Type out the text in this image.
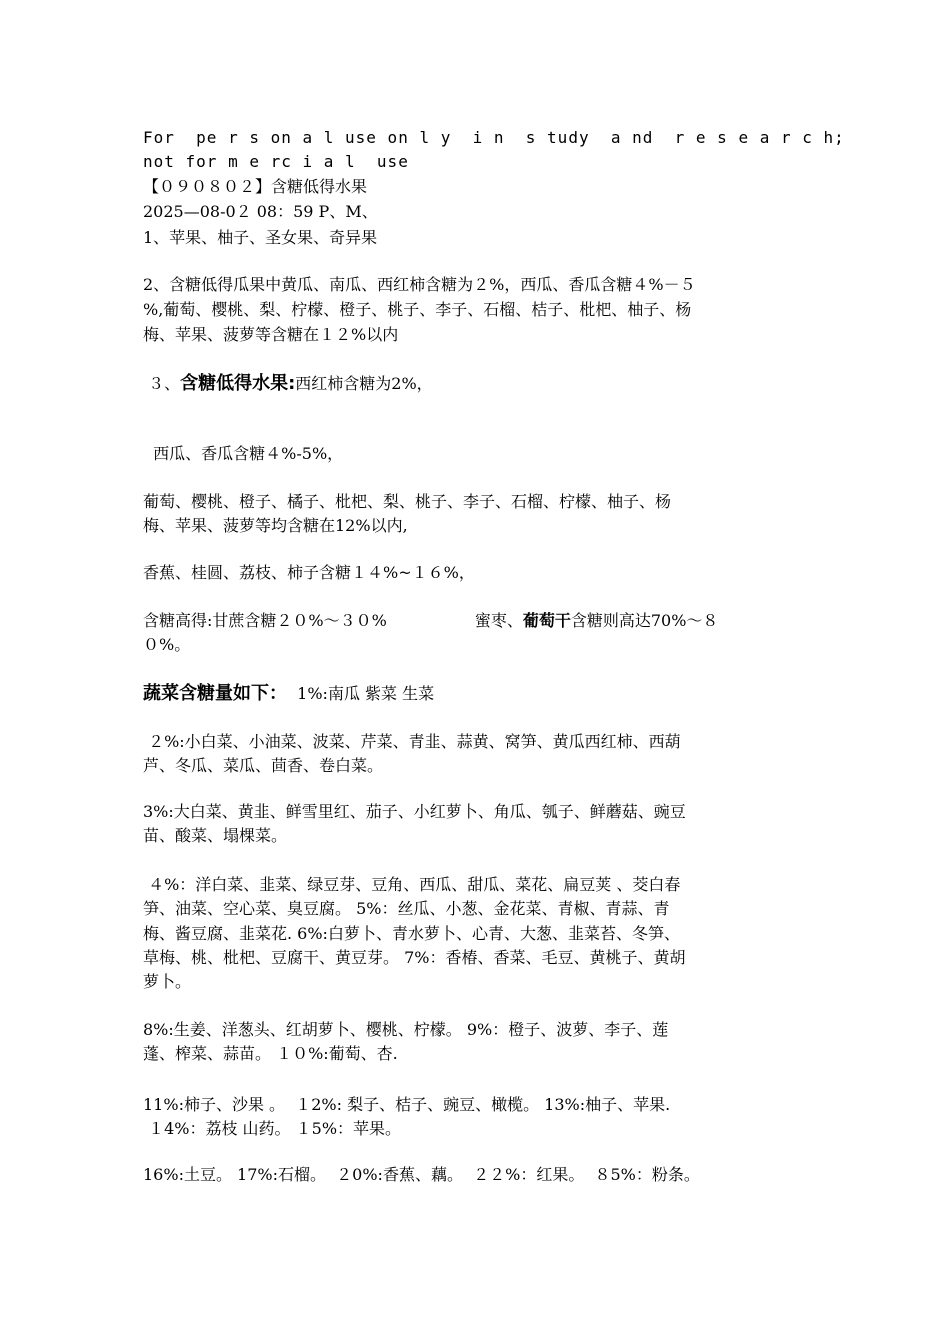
For  pe r s on a l use on l y  i n  s tudy  a nd  r e s e a r c h;
not for m e rc i a l  use
【０９０８０２】含糖低得水果
2025—08-0２ 08：59 P、M、
1、苹果、柚子、圣女果、奇异果
2、含糖低得瓜果中黄瓜、南瓜、西红柿含糖为２%，西瓜、香瓜含糖４%－５
%,葡萄、樱桃、梨、柠檬、橙子、桃子、李子、石榴、桔子、枇杷、柚子、杨
梅、苹果、菠萝等含糖在１２%以内
３、含糖低得水果:西红柿含糖为2%，
西瓜、香瓜含糖４%-5%，
葡萄、樱桃、橙子、橘子、枇杷、梨、桃子、李子、石榴、柠檬、柚子、杨
梅、苹果、菠萝等均含糖在12%以内,
香蕉、桂圆、荔枝、柿子含糖１４%~１６%，
含糖高得:甘蔗含糖２０%～３０%	蜜枣、葡萄干含糖则高达70%～８
０%。
蔬菜含糖量如下：  1%:南瓜 紫菜 生菜
２%:小白菜、小油菜、波菜、芹菜、青韭、蒜黄、窝笋、黄瓜西红柿、西葫
芦、冬瓜、菜瓜、茴香、卷白菜。
3%:大白菜、黄韭、鲜雪里红、茄子、小红萝卜、角瓜、瓠子、鲜蘑菇、豌豆
苗、酸菜、塌棵菜。
４%：洋白菜、韭菜、绿豆芽、豆角、西瓜、甜瓜、菜花、扁豆荚 、茭白春
笋、油菜、空心菜、臭豆腐。 5%：丝瓜、小葱、金花菜、青椒、青蒜、青
梅、酱豆腐、韭菜花. 6%:白萝卜、青水萝卜、心青、大葱、韭菜苔、冬笋、
草梅、桃、枇杷、豆腐干、黄豆芽。 7%：香椿、香菜、毛豆、黄桃子、黄胡
萝卜。
8%:生姜、洋葱头、红胡萝卜、樱桃、柠檬。 9%：橙子、波萝、李子、莲
蓬、榨菜、蒜苗。 １０%:葡萄、杏.
11%:柿子、沙果 。  １2%: 梨子、桔子、豌豆、橄榄。 13%:柚子、苹果.
１4%：荔枝 山药。 １5%：苹果。
16%:土豆。 17%:石榴。  ２0%:香蕉、藕。  ２２%：红果。  ８5%：粉条。
